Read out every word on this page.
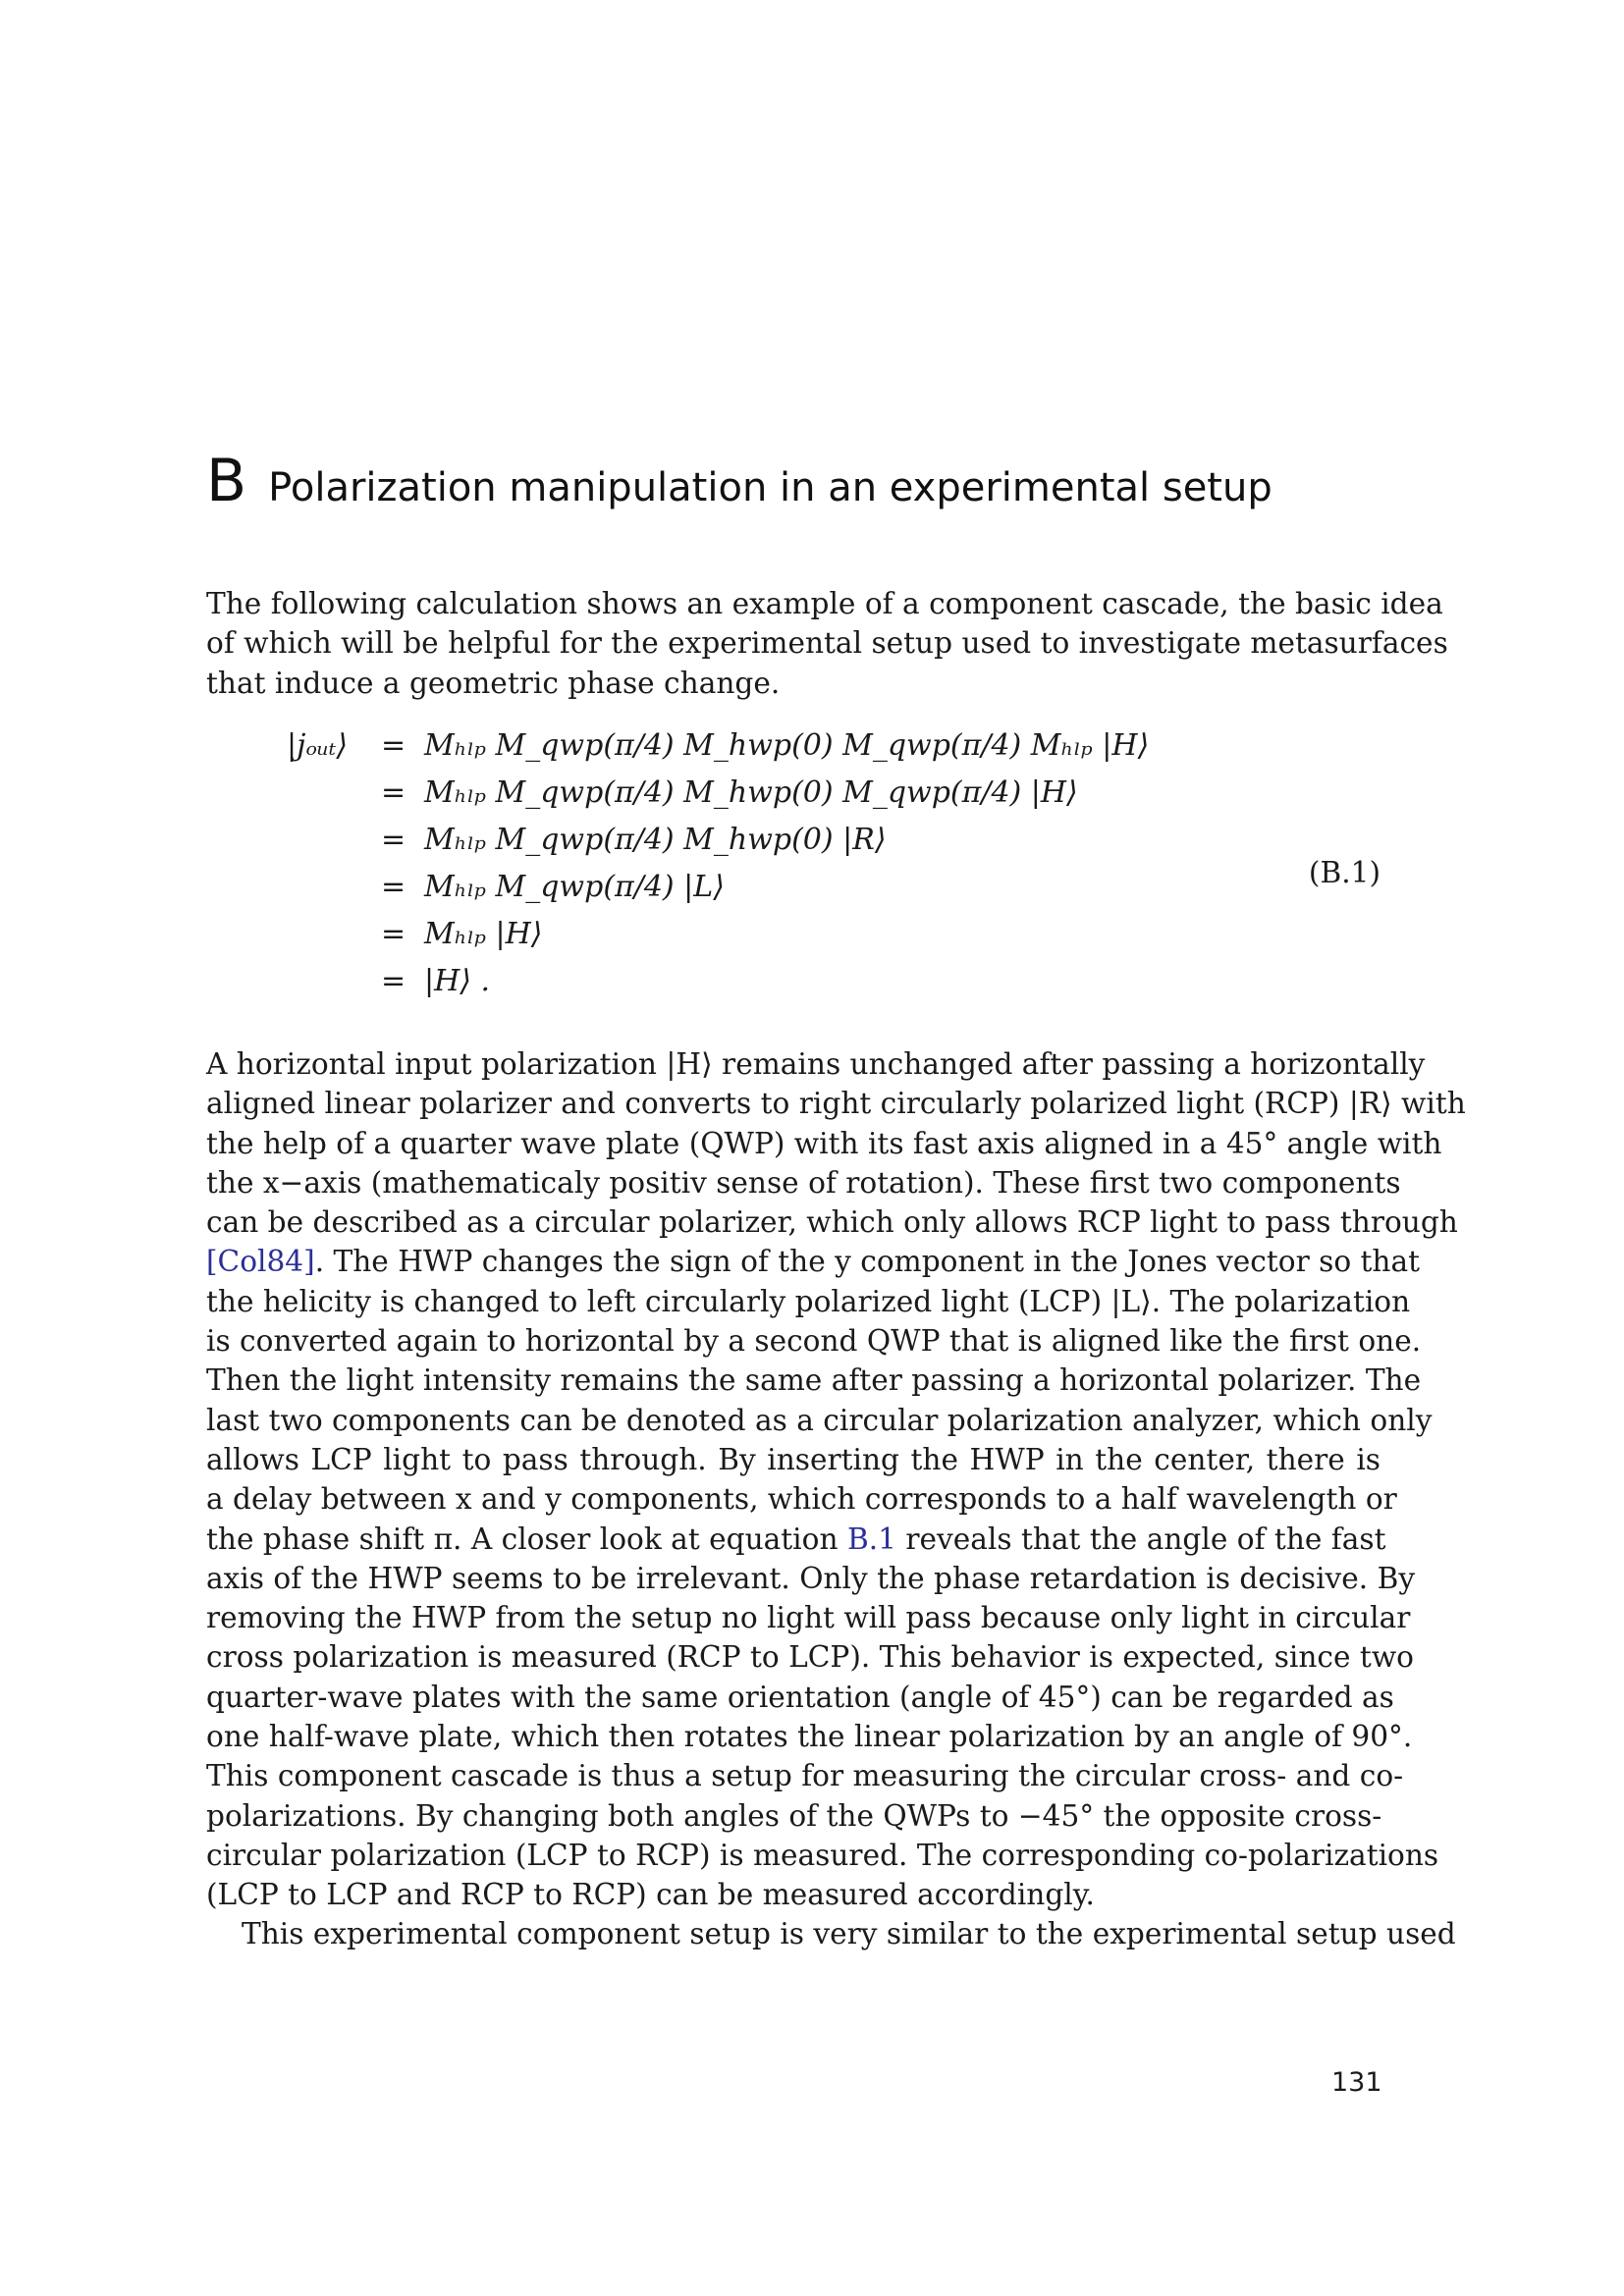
B Polarization manipulation in an experimental setup
The following calculation shows an example of a component cascade, the basic idea
of which will be helpful for the experimental setup used to investigate metasurfaces
that induce a geometric phase change.
|jₒᵤₜ⟩ = Mₕₗₚ M_qwp(π/4) M_hwp(0) M_qwp(π/4) Mₕₗₚ |H⟩
= Mₕₗₚ M_qwp(π/4) M_hwp(0) M_qwp(π/4) |H⟩
= Mₕₗₚ M_qwp(π/4) M_hwp(0) |R⟩
= Mₕₗₚ M_qwp(π/4) |L⟩
= Mₕₗₚ |H⟩
= |H⟩ .
(B.1)
A horizontal input polarization |H⟩ remains unchanged after passing a horizontally
aligned linear polarizer and converts to right circularly polarized light (RCP) |R⟩ with
the help of a quarter wave plate (QWP) with its fast axis aligned in a 45° angle with
the x−axis (mathematicaly positiv sense of rotation). These first two components
can be described as a circular polarizer, which only allows RCP light to pass through
[Col84]. The HWP changes the sign of the y component in the Jones vector so that
the helicity is changed to left circularly polarized light (LCP) |L⟩. The polarization
is converted again to horizontal by a second QWP that is aligned like the first one.
Then the light intensity remains the same after passing a horizontal polarizer. The
last two components can be denoted as a circular polarization analyzer, which only
allows LCP light to pass through. By inserting the HWP in the center, there is
a delay between x and y components, which corresponds to a half wavelength or
the phase shift π. A closer look at equation B.1 reveals that the angle of the fast
axis of the HWP seems to be irrelevant. Only the phase retardation is decisive. By
removing the HWP from the setup no light will pass because only light in circular
cross polarization is measured (RCP to LCP). This behavior is expected, since two
quarter-wave plates with the same orientation (angle of 45°) can be regarded as
one half-wave plate, which then rotates the linear polarization by an angle of 90°.
This component cascade is thus a setup for measuring the circular cross- and co-
polarizations. By changing both angles of the QWPs to −45° the opposite cross-
circular polarization (LCP to RCP) is measured. The corresponding co-polarizations
(LCP to LCP and RCP to RCP) can be measured accordingly.
This experimental component setup is very similar to the experimental setup used
131
